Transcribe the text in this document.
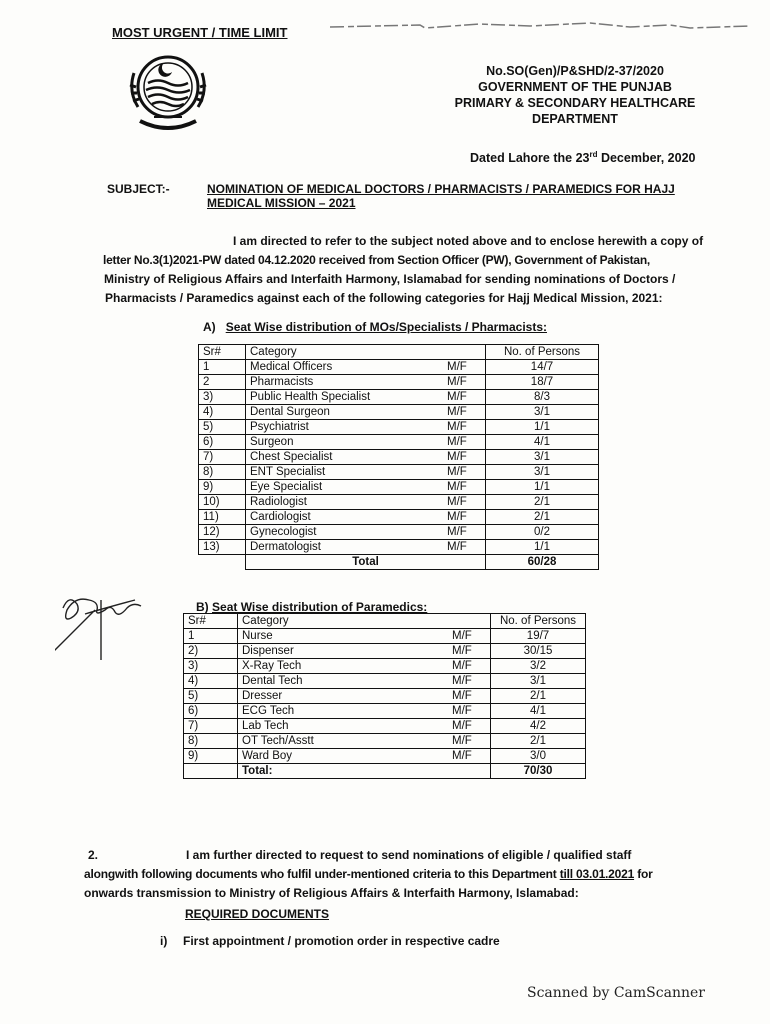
MOST URGENT / TIME LIMIT
No.SO(Gen)/P&SHD/2-37/2020
GOVERNMENT OF THE PUNJAB
PRIMARY & SECONDARY HEALTHCARE
DEPARTMENT
Dated Lahore the 23rd December, 2020
SUBJECT:-	NOMINATION OF MEDICAL DOCTORS / PHARMACISTS / PARAMEDICS FOR HAJJ MEDICAL MISSION – 2021
I am directed to refer to the subject noted above and to enclose herewith a copy of
letter No.3(1)2021-PW dated 04.12.2020 received from Section Officer (PW), Government of Pakistan,
Ministry of Religious Affairs and Interfaith Harmony, Islamabad for sending nominations of Doctors /
Pharmacists / Paramedics against each of the following categories for Hajj Medical Mission, 2021:
A) Seat Wise distribution of MOs/Specialists / Pharmacists:
Sr#	Category		No. of Persons
1	Medical Officers	M/F	14/7
2	Pharmacists	M/F	18/7
3)	Public Health Specialist	M/F	8/3
4)	Dental Surgeon	M/F	3/1
5)	Psychiatrist	M/F	1/1
6)	Surgeon	M/F	4/1
7)	Chest Specialist	M/F	3/1
8)	ENT Specialist	M/F	3/1
9)	Eye Specialist	M/F	1/1
10)	Radiologist	M/F	2/1
11)	Cardiologist	M/F	2/1
12)	Gynecologist	M/F	0/2
13)	Dermatologist	M/F	1/1
	Total		60/28
B) Seat Wise distribution of Paramedics:
Sr#	Category		No. of Persons
1	Nurse	M/F	19/7
2)	Dispenser	M/F	30/15
3)	X-Ray Tech	M/F	3/2
4)	Dental Tech	M/F	3/1
5)	Dresser	M/F	2/1
6)	ECG Tech	M/F	4/1
7)	Lab Tech	M/F	4/2
8)	OT Tech/Asstt	M/F	2/1
9)	Ward Boy	M/F	3/0
	Total:		70/30
2.	I am further directed to request to send nominations of eligible / qualified staff
alongwith following documents who fulfil under-mentioned criteria to this Department till 03.01.2021 for
onwards transmission to Ministry of Religious Affairs & Interfaith Harmony, Islamabad:
REQUIRED DOCUMENTS
i) First appointment / promotion order in respective cadre
Scanned by CamScanner
